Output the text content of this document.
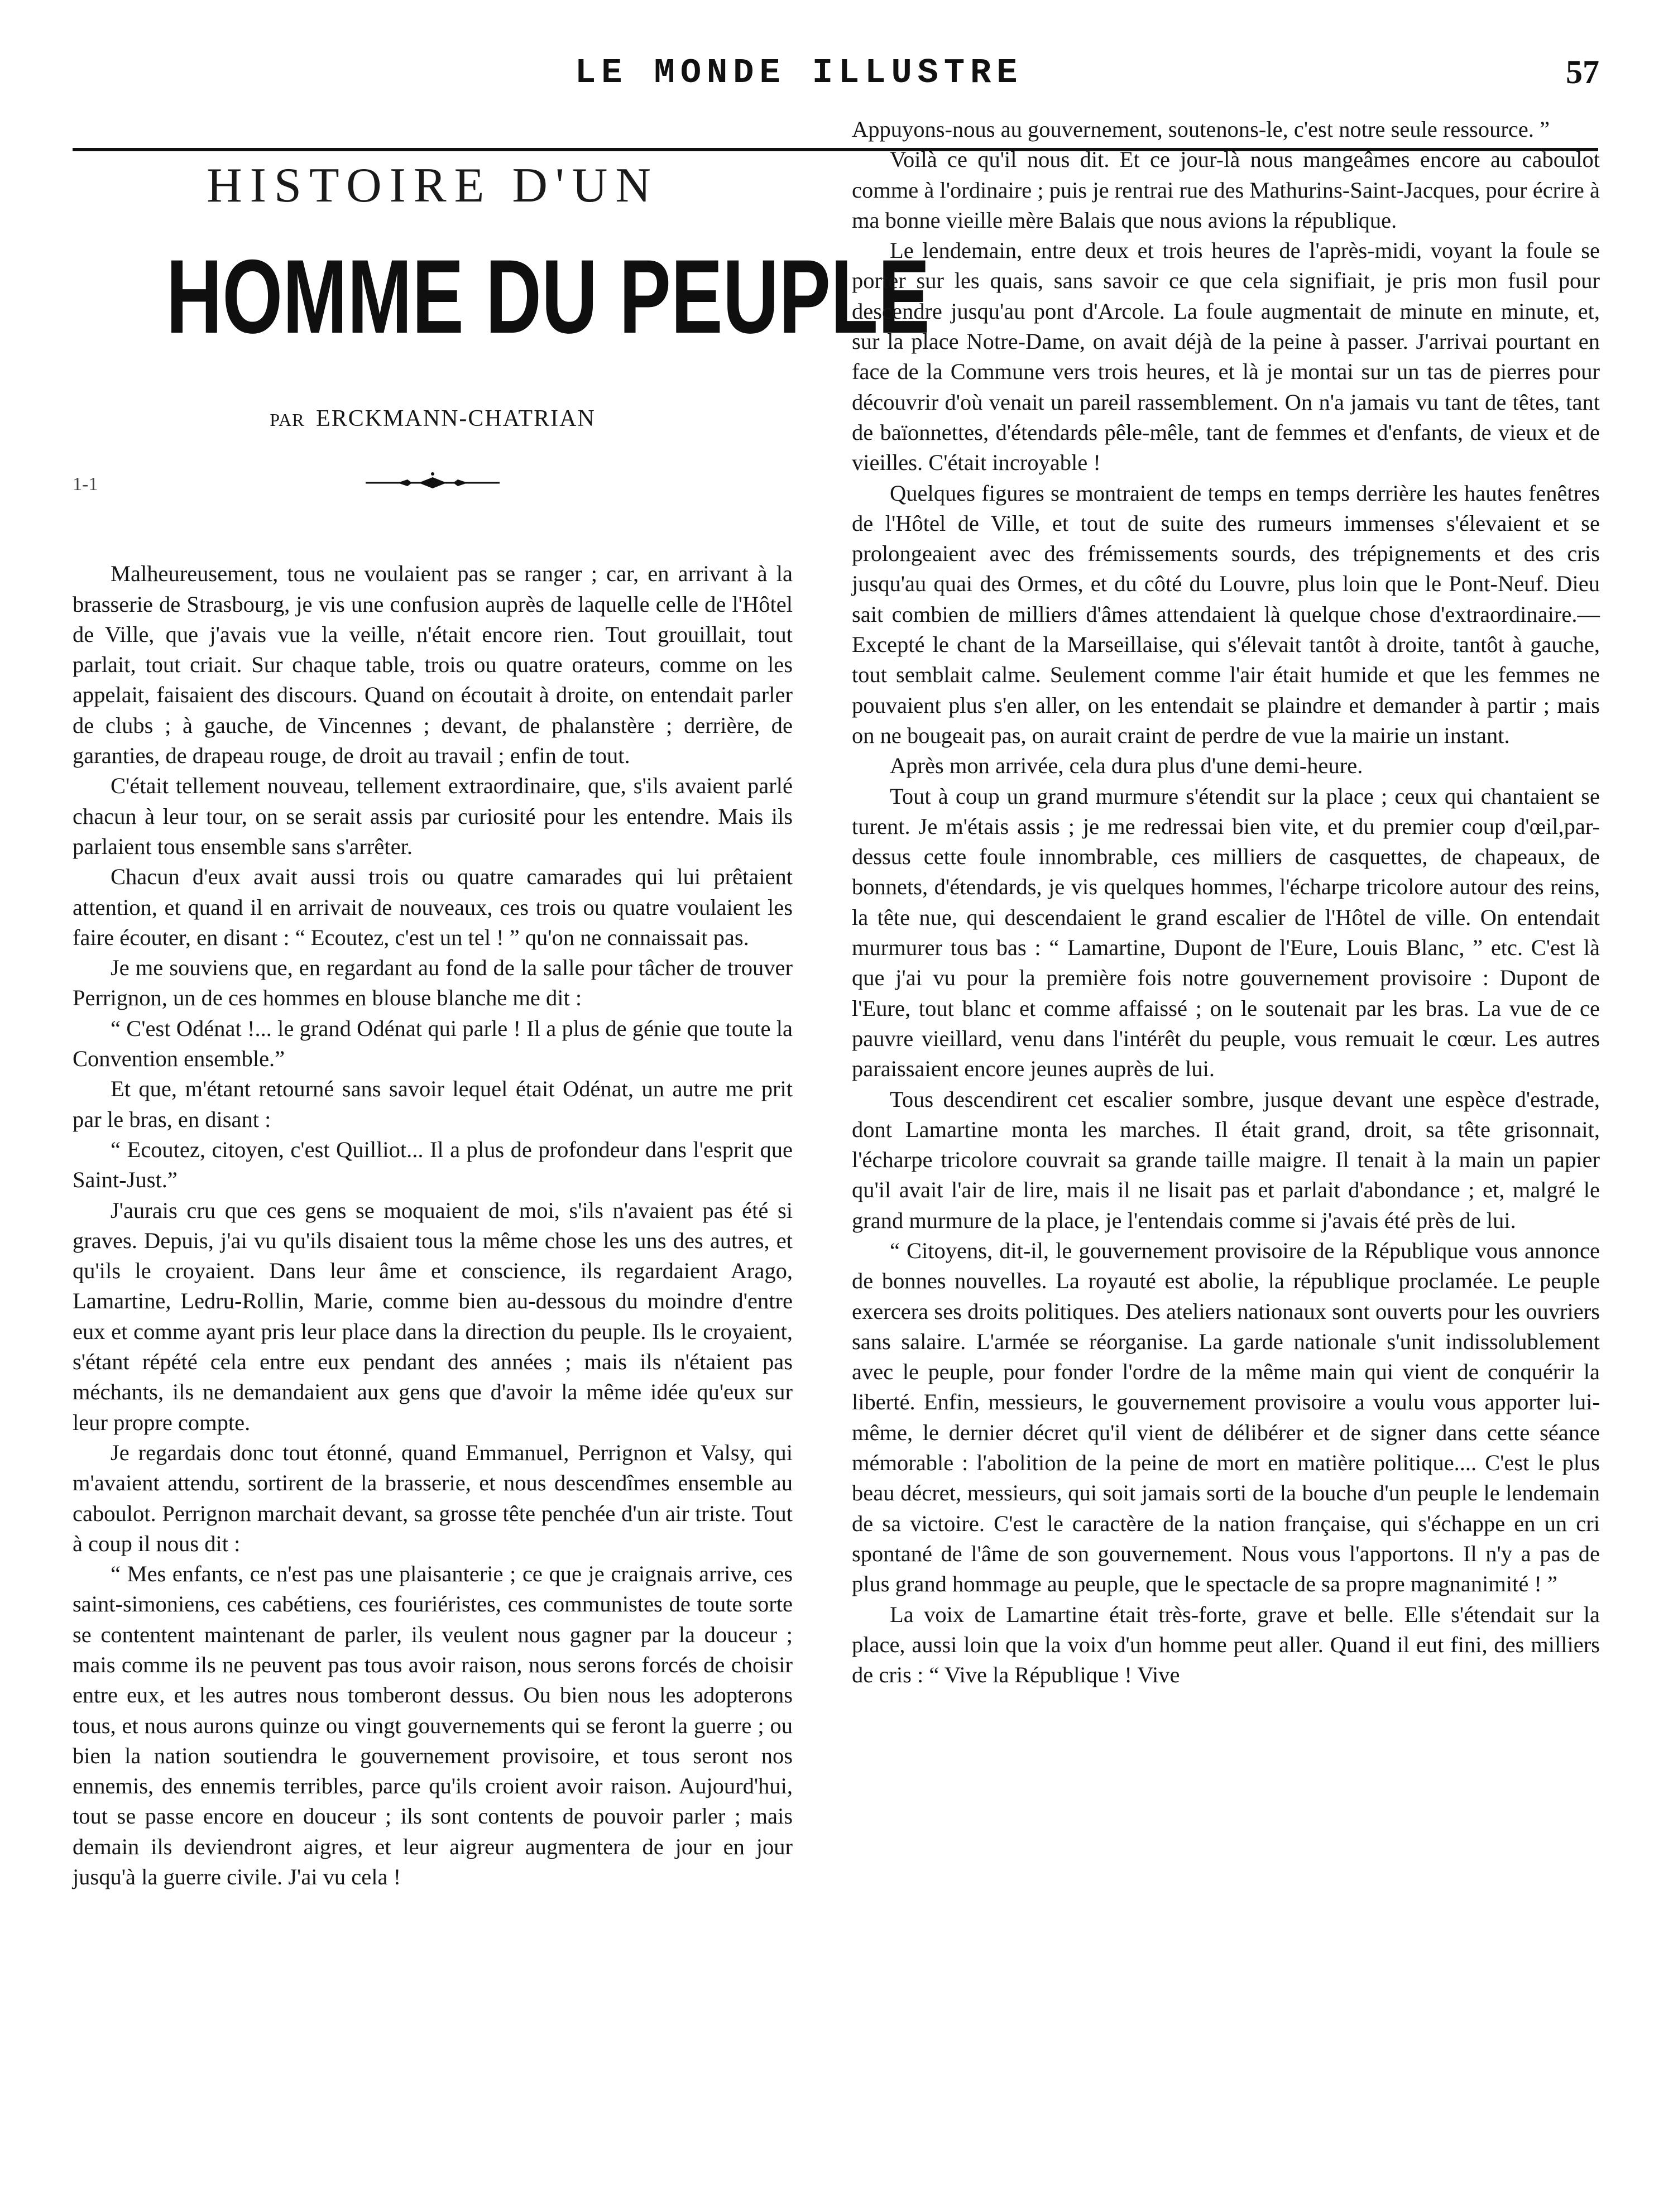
LE MONDE ILLUSTRE	57
HISTOIRE D'UN
HOMME DU PEUPLE
PAR ERCKMANN-CHATRIAN
1-1

Malheureusement, tous ne voulaient pas se ranger ; car, en arrivant à la brasserie de Strasbourg, je vis une confusion auprès de laquelle celle de l'Hôtel de Ville, que j'avais vue la veille, n'était encore rien. Tout grouillait, tout parlait, tout criait. Sur chaque table, trois ou quatre orateurs, comme on les appelait, faisaient des discours. Quand on écoutait à droite, on entendait parler de clubs ; à gauche, de Vincennes ; devant, de phalanstère ; derrière, de garanties, de drapeau rouge, de droit au travail ; enfin de tout.

C'était tellement nouveau, tellement extraordinaire, que, s'ils avaient parlé chacun à leur tour, on se serait assis par curiosité pour les entendre. Mais ils parlaient tous ensemble sans s'arrêter.

Chacun d'eux avait aussi trois ou quatre camarades qui lui prêtaient attention, et quand il en arrivait de nouveaux, ces trois ou quatre voulaient les faire écouter, en disant : “ Ecoutez, c'est un tel ! ” qu'on ne connaissait pas.

Je me souviens que, en regardant au fond de la salle pour tâcher de trouver Perrignon, un de ces hommes en blouse blanche me dit :

“ C'est Odénat !... le grand Odénat qui parle ! Il a plus de génie que toute la Convention ensemble.”

Et que, m'étant retourné sans savoir lequel était Odénat, un autre me prit par le bras, en disant :

“ Ecoutez, citoyen, c'est Quilliot... Il a plus de profondeur dans l'esprit que Saint-Just.”

J'aurais cru que ces gens se moquaient de moi, s'ils n'avaient pas été si graves. Depuis, j'ai vu qu'ils disaient tous la même chose les uns des autres, et qu'ils le croyaient. Dans leur âme et conscience, ils regardaient Arago, Lamartine, Ledru-Rollin, Marie, comme bien au-dessous du moindre d'entre eux et comme ayant pris leur place dans la direction du peuple. Ils le croyaient, s'étant répété cela entre eux pendant des années ; mais ils n'étaient pas méchants, ils ne demandaient aux gens que d'avoir la même idée qu'eux sur leur propre compte.

Je regardais donc tout étonné, quand Emmanuel, Perrignon et Valsy, qui m'avaient attendu, sortirent de la brasserie, et nous descendîmes ensemble au caboulot. Perrignon marchait devant, sa grosse tête penchée d'un air triste. Tout à coup il nous dit :

“ Mes enfants, ce n'est pas une plaisanterie ; ce que je craignais arrive, ces saint-simoniens, ces cabétiens, ces fouriéristes, ces communistes de toute sorte se contentent maintenant de parler, ils veulent nous gagner par la douceur ; mais comme ils ne peuvent pas tous avoir raison, nous serons forcés de choisir entre eux, et les autres nous tomberont dessus. Ou bien nous les adopterons tous, et nous aurons quinze ou vingt gouvernements qui se feront la guerre ; ou bien la nation soutiendra le gouvernement provisoire, et tous seront nos ennemis, des ennemis terribles, parce qu'ils croient avoir raison. Aujourd'hui, tout se passe encore en douceur ; ils sont contents de pouvoir parler ; mais demain ils deviendront aigres, et leur aigreur augmentera de jour en jour jusqu'à la guerre civile. J'ai vu cela !

Appuyons-nous au gouvernement, soutenons-le, c'est notre seule ressource. ”

Voilà ce qu'il nous dit. Et ce jour-là nous mangeâmes encore au caboulot comme à l'ordinaire ; puis je rentrai rue des Mathurins-Saint-Jacques, pour écrire à ma bonne vieille mère Balais que nous avions la république.

Le lendemain, entre deux et trois heures de l'après-midi, voyant la foule se porter sur les quais, sans savoir ce que cela signifiait, je pris mon fusil pour descendre jusqu'au pont d'Arcole. La foule augmentait de minute en minute, et, sur la place Notre-Dame, on avait déjà de la peine à passer. J'arrivai pourtant en face de la Commune vers trois heures, et là je montai sur un tas de pierres pour découvrir d'où venait un pareil rassemblement. On n'a jamais vu tant de têtes, tant de baïonnettes, d'étendards pêle-mêle, tant de femmes et d'enfants, de vieux et de vieilles. C'était incroyable !

Quelques figures se montraient de temps en temps derrière les hautes fenêtres de l'Hôtel de Ville, et tout de suite des rumeurs immenses s'élevaient et se prolongeaient avec des frémissements sourds, des trépignements et des cris jusqu'au quai des Ormes, et du côté du Louvre, plus loin que le Pont-Neuf. Dieu sait combien de milliers d'âmes attendaient là quelque chose d'extraordinaire.— Excepté le chant de la Marseillaise, qui s'élevait tantôt à droite, tantôt à gauche, tout semblait calme. Seulement comme l'air était humide et que les femmes ne pouvaient plus s'en aller, on les entendait se plaindre et demander à partir ; mais on ne bougeait pas, on aurait craint de perdre de vue la mairie un instant.

Après mon arrivée, cela dura plus d'une demi-heure.

Tout à coup un grand murmure s'étendit sur la place ; ceux qui chantaient se turent. Je m'étais assis ; je me redressai bien vite, et du premier coup d'œil,par-dessus cette foule innombrable, ces milliers de casquettes, de chapeaux, de bonnets, d'étendards, je vis quelques hommes, l'écharpe tricolore autour des reins, la tête nue, qui descendaient le grand escalier de l'Hôtel de ville. On entendait murmurer tous bas : “ Lamartine, Dupont de l'Eure, Louis Blanc, ” etc. C'est là que j'ai vu pour la première fois notre gouvernement provisoire : Dupont de l'Eure, tout blanc et comme affaissé ; on le soutenait par les bras. La vue de ce pauvre vieillard, venu dans l'intérêt du peuple, vous remuait le cœur. Les autres paraissaient encore jeunes auprès de lui.

Tous descendirent cet escalier sombre, jusque devant une espèce d'estrade, dont Lamartine monta les marches. Il était grand, droit, sa tête grisonnait, l'écharpe tricolore couvrait sa grande taille maigre. Il tenait à la main un papier qu'il avait l'air de lire, mais il ne lisait pas et parlait d'abondance ; et, malgré le grand murmure de la place, je l'entendais comme si j'avais été près de lui.

“ Citoyens, dit-il, le gouvernement provisoire de la République vous annonce de bonnes nouvelles. La royauté est abolie, la république proclamée. Le peuple exercera ses droits politiques. Des ateliers nationaux sont ouverts pour les ouvriers sans salaire. L'armée se réorganise. La garde nationale s'unit indissolublement avec le peuple, pour fonder l'ordre de la même main qui vient de conquérir la liberté. Enfin, messieurs, le gouvernement provisoire a voulu vous apporter lui-même, le dernier décret qu'il vient de délibérer et de signer dans cette séance mémorable : l'abolition de la peine de mort en matière politique.... C'est le plus beau décret, messieurs, qui soit jamais sorti de la bouche d'un peuple le lendemain de sa victoire. C'est le caractère de la nation française, qui s'échappe en un cri spontané de l'âme de son gouvernement. Nous vous l'apportons. Il n'y a pas de plus grand hommage au peuple, que le spectacle de sa propre magnanimité ! ”

La voix de Lamartine était très-forte, grave et belle. Elle s'étendait sur la place, aussi loin que la voix d'un homme peut aller. Quand il eut fini, des milliers de cris : “ Vive la République ! Vive
